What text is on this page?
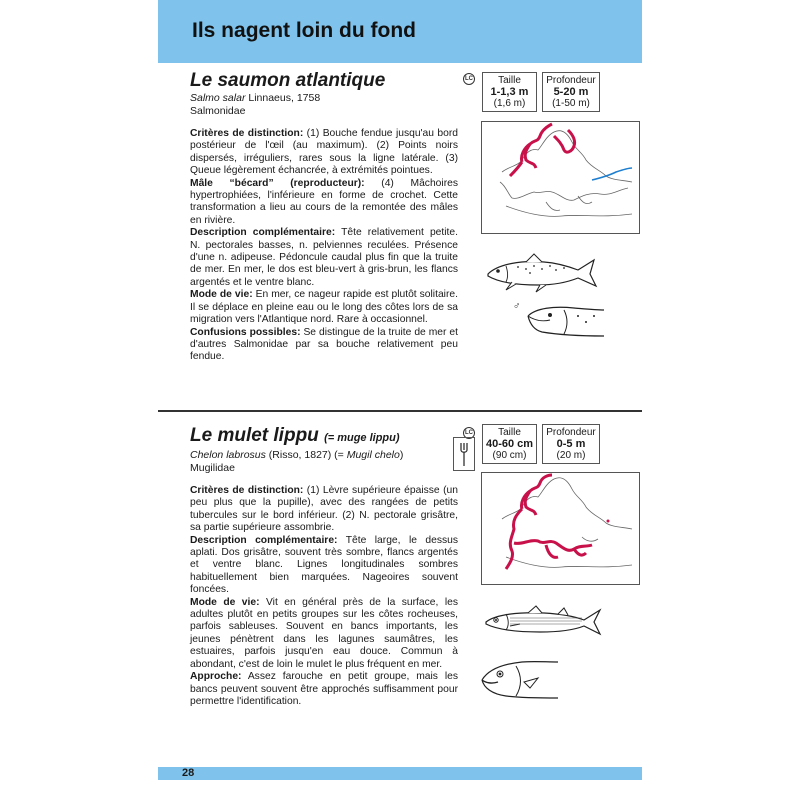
Ils nagent loin du fond
Le saumon atlantique
Salmo salar Linnaeus, 1758
Salmonidae
Critères de distinction: (1) Bouche fendue jusqu'au bord postérieur de l'œil (au maximum). (2) Points noirs dispersés, irréguliers, rares sous la ligne latérale. (3) Queue légèrement échancrée, à extrémités pointues.
Mâle “bécard” (reproducteur): (4) Mâchoires hypertrophiées, l'inférieure en forme de crochet. Cette transformation a lieu au cours de la remontée des mâles en rivière.
Description complémentaire: Tête relativement petite. N. pectorales basses, n. pelviennes reculées. Présence d'une n. adipeuse. Pédoncule caudal plus fin que la truite de mer. En mer, le dos est bleu-vert à gris-brun, les flancs argentés et le ventre blanc.
Mode de vie: En mer, ce nageur rapide est plutôt solitaire. Il se déplace en pleine eau ou le long des côtes lors de sa migration vers l'Atlantique nord. Rare à occasionnel.
Confusions possibles: Se distingue de la truite de mer et d'autres Salmonidae par sa bouche relativement peu fendue.
LC	Taille
1-1,3 m
(1,6 m)
Profondeur
5-20 m
(1-50 m)
♂
Le mulet lippu (= muge lippu)
Chelon labrosus (Risso, 1827) (= Mugil chelo)
Mugilidae
Critères de distinction: (1) Lèvre supérieure épaisse (un peu plus que la pupille), avec des rangées de petits tubercules sur le bord inférieur. (2) N. pectorale grisâtre, sa partie supérieure assombrie.
Description complémentaire: Tête large, le dessus aplati. Dos grisâtre, souvent très sombre, flancs argentés et ventre blanc. Lignes longitudinales sombres habituellement bien marquées. Nageoires souvent foncées.
Mode de vie: Vit en général près de la surface, les adultes plutôt en petits groupes sur les côtes rocheuses, parfois sableuses. Souvent en bancs importants, les jeunes pénètrent dans les lagunes saumâtres, les estuaires, parfois jusqu'en eau douce. Commun à abondant, c'est de loin le mulet le plus fréquent en mer.
Approche: Assez farouche en petit groupe, mais les bancs peuvent souvent être approchés suffisamment pour permettre l'identification.
LC	Taille
40-60 cm
(90 cm)
Profondeur
0-5 m
(20 m)
28
